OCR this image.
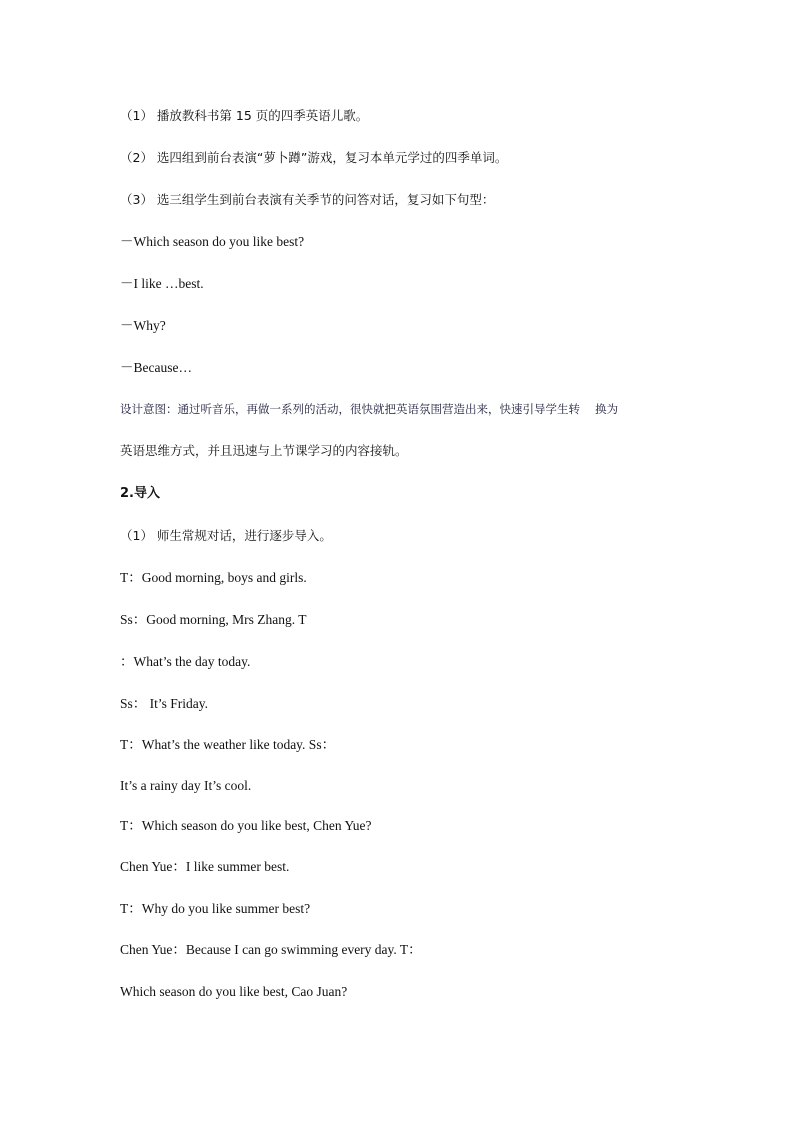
（1） 播放教科书第 15 页的四季英语儿歌。
（2） 选四组到前台表演“萝卜蹲”游戏，复习本单元学过的四季单词。
（3） 选三组学生到前台表演有关季节的问答对话，复习如下句型：
－Which season do you like best?
－I like …best.
－Why?
－Because…
设计意图：通过听音乐，再做一系列的活动，很快就把英语氛围营造出来，快速引导学生转　 换为
英语思维方式，并且迅速与上节课学习的内容接轨。
2.导入
（1） 师生常规对话，进行逐步导入。
T：Good morning, boys and girls.
Ss：Good morning, Mrs Zhang. T
：What’s the day today.
Ss： It’s Friday.
T：What’s the weather like today. Ss：
It’s a rainy day It’s cool.
T：Which season do you like best, Chen Yue?
Chen Yue：I like summer best.
T：Why do you like summer best?
Chen Yue：Because I can go swimming every day. T：
Which season do you like best, Cao Juan?
